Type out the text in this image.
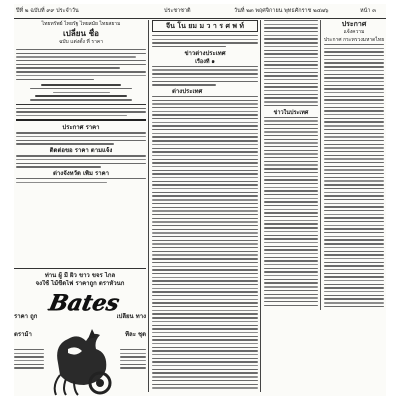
ปีที่ ๒ ฉบับที่ ๙๙ ประจำวัน	ประชาชาติ	วันที่ ๒๓ พฤศจิกายน พุทธศักราช ๒๔๗๖	หน้า ๓
ไทยทรัพย์ ไทยรัฐ ไทยสมัย ไทยสยาม
เปลี่ยน ชื่อ
ฉบับ แต่งตั้ง ที่ ราคา
ประกาศ ราคา
ติดต่อขอ ราคา ตามแจ้ง
ต่างจังหวัด เพิ่ม ราคา
ท่าน ผู้ มี ผิว ขาว ขจร ไกล
จงใช้ ไม้ขีดไฟ ราคาถูก ตราหัวนก
Bates
ราคา ถูก	เปลี่ยน ทาง
ตราม้า	ทีละ ชุด
จีน โน ยม ม ว า ร ศ พ ท์
ข่าวต่างประเทศ
เรื่องที่ ๑
ต่างประเทศ
ข่าวในประเทศ
ประกาศ
แจ้งความ
ประกาศ กระทรวงมหาดไทย
